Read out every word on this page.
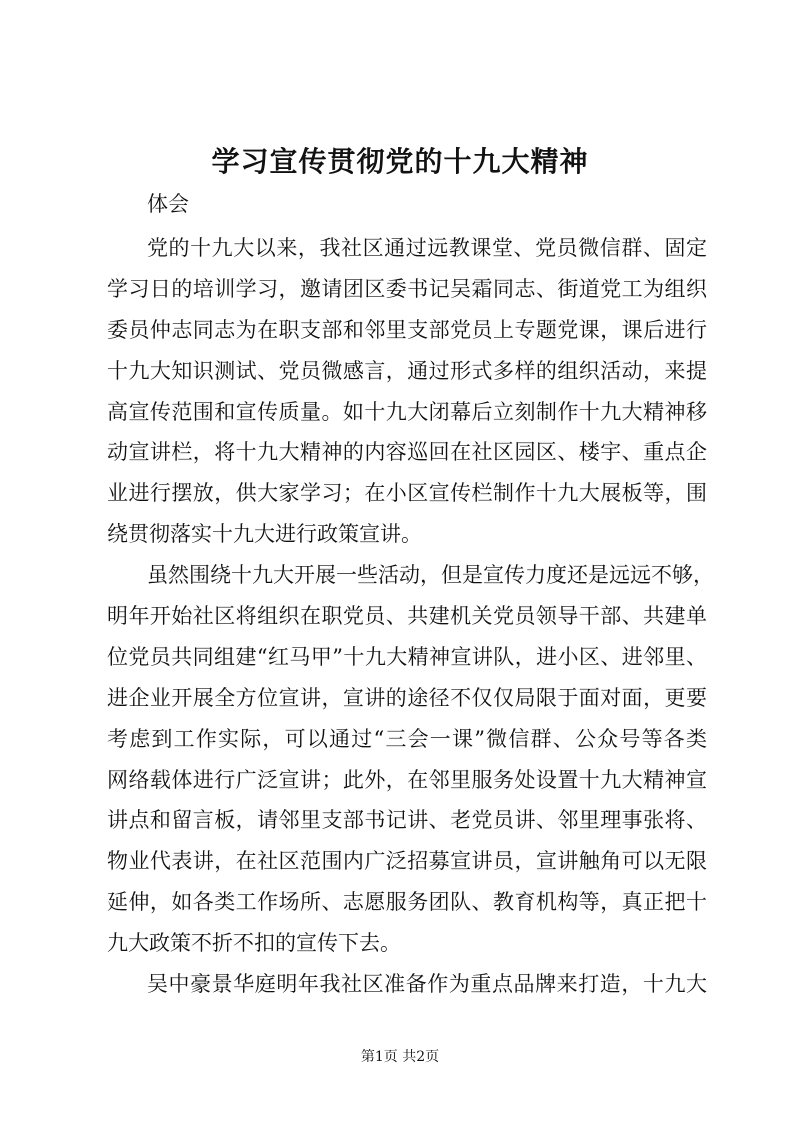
学习宣传贯彻党的十九大精神
体会
党的十九大以来，我社区通过远教课堂、党员微信群、固定
学习日的培训学习，邀请团区委书记吴霜同志、街道党工为组织
委员仲志同志为在职支部和邻里支部党员上专题党课，课后进行
十九大知识测试、党员微感言，通过形式多样的组织活动，来提
高宣传范围和宣传质量。如十九大闭幕后立刻制作十九大精神移
动宣讲栏，将十九大精神的内容巡回在社区园区、楼宇、重点企
业进行摆放，供大家学习；在小区宣传栏制作十九大展板等，围
绕贯彻落实十九大进行政策宣讲。
虽然围绕十九大开展一些活动，但是宣传力度还是远远不够，
明年开始社区将组织在职党员、共建机关党员领导干部、共建单
位党员共同组建“红马甲”十九大精神宣讲队，进小区、进邻里、
进企业开展全方位宣讲，宣讲的途径不仅仅局限于面对面，更要
考虑到工作实际，可以通过“三会一课”微信群、公众号等各类
网络载体进行广泛宣讲；此外，在邻里服务处设置十九大精神宣
讲点和留言板，请邻里支部书记讲、老党员讲、邻里理事张将、
物业代表讲，在社区范围内广泛招募宣讲员，宣讲触角可以无限
延伸，如各类工作场所、志愿服务团队、教育机构等，真正把十
九大政策不折不扣的宣传下去。
吴中豪景华庭明年我社区准备作为重点品牌来打造，十九大
第1页 共2页
